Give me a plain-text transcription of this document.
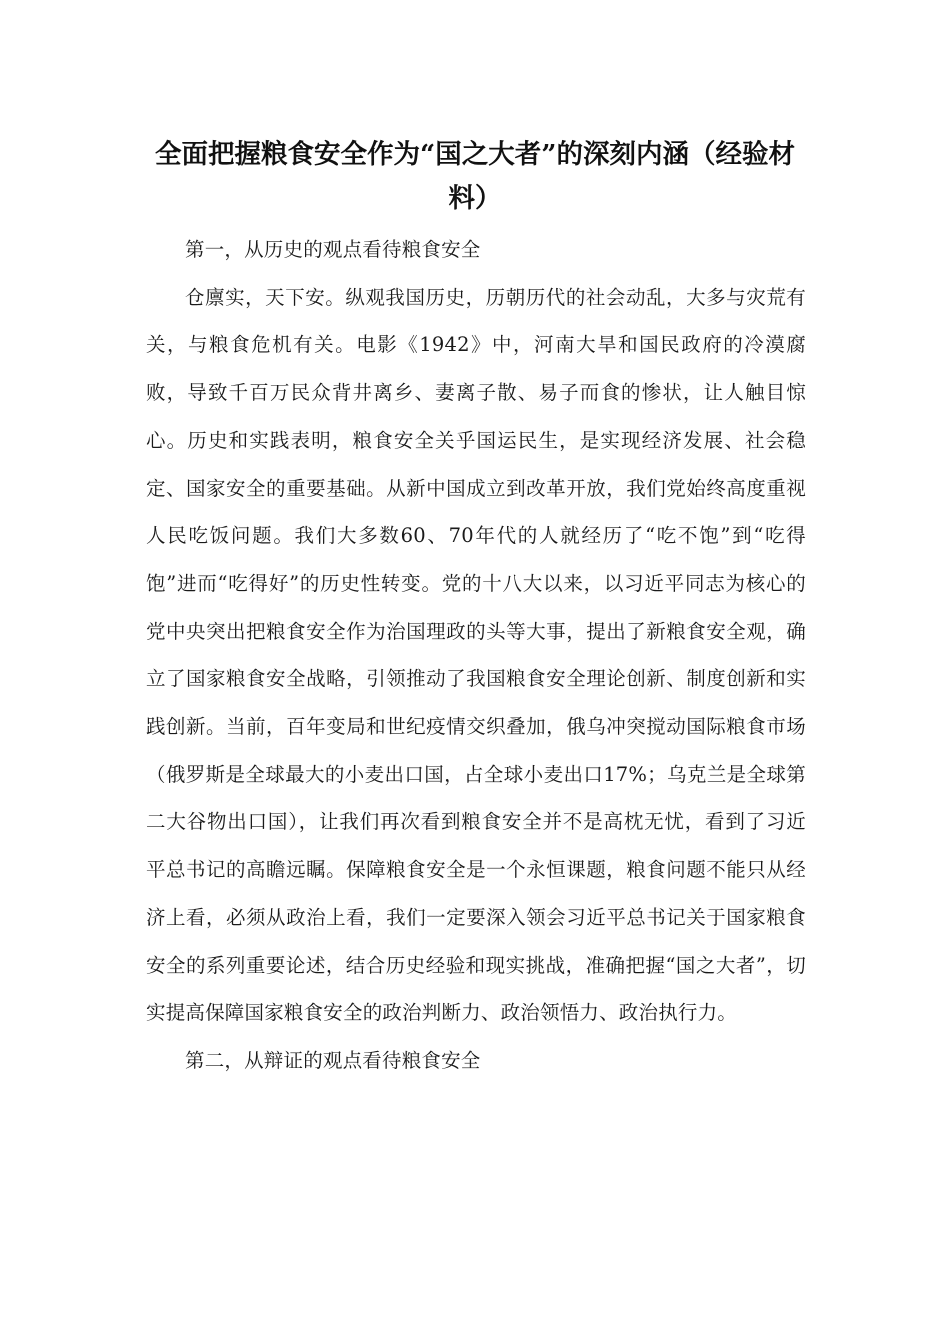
全面把握粮食安全作为“国之大者”的深刻内涵（经验材料）

第一，从历史的观点看待粮食安全

仓廪实，天下安。纵观我国历史，历朝历代的社会动乱，大多与灾荒有关，与粮食危机有关。电影《1942》中，河南大旱和国民政府的冷漠腐败，导致千百万民众背井离乡、妻离子散、易子而食的惨状，让人触目惊心。历史和实践表明，粮食安全关乎国运民生，是实现经济发展、社会稳定、国家安全的重要基础。从新中国成立到改革开放，我们党始终高度重视人民吃饭问题。我们大多数60、70年代的人就经历了“吃不饱”到“吃得饱”进而“吃得好”的历史性转变。党的十八大以来，以习近平同志为核心的党中央突出把粮食安全作为治国理政的头等大事，提出了新粮食安全观，确立了国家粮食安全战略，引领推动了我国粮食安全理论创新、制度创新和实践创新。当前，百年变局和世纪疫情交织叠加，俄乌冲突搅动国际粮食市场（俄罗斯是全球最大的小麦出口国，占全球小麦出口17%；乌克兰是全球第二大谷物出口国），让我们再次看到粮食安全并不是高枕无忧，看到了习近平总书记的高瞻远瞩。保障粮食安全是一个永恒课题，粮食问题不能只从经济上看，必须从政治上看，我们一定要深入领会习近平总书记关于国家粮食安全的系列重要论述，结合历史经验和现实挑战，准确把握“国之大者”，切实提高保障国家粮食安全的政治判断力、政治领悟力、政治执行力。

第二，从辩证的观点看待粮食安全
